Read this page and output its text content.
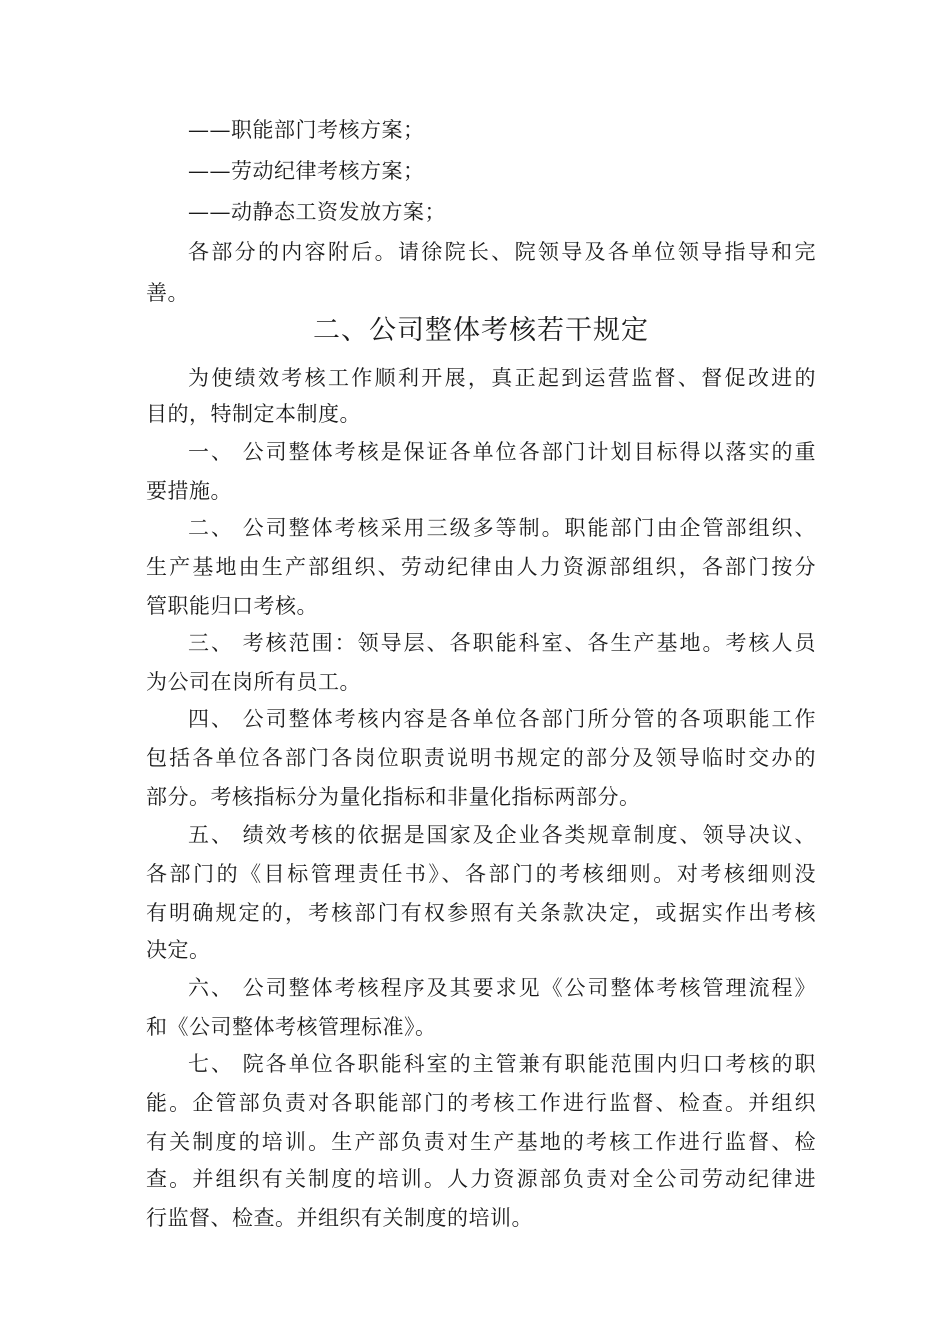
——职能部门考核方案；
——劳动纪律考核方案；
——动静态工资发放方案；
各部分的内容附后。请徐院长、院领导及各单位领导指导和完
善。
二、公司整体考核若干规定
为使绩效考核工作顺利开展，真正起到运营监督、督促改进的
目的，特制定本制度。
一、 公司整体考核是保证各单位各部门计划目标得以落实的重
要措施。
二、 公司整体考核采用三级多等制。职能部门由企管部组织、
生产基地由生产部组织、劳动纪律由人力资源部组织，各部门按分
管职能归口考核。
三、 考核范围：领导层、各职能科室、各生产基地。考核人员
为公司在岗所有员工。
四、 公司整体考核内容是各单位各部门所分管的各项职能工作
包括各单位各部门各岗位职责说明书规定的部分及领导临时交办的
部分。考核指标分为量化指标和非量化指标两部分。
五、 绩效考核的依据是国家及企业各类规章制度、领导决议、
各部门的《目标管理责任书》、各部门的考核细则。对考核细则没
有明确规定的，考核部门有权参照有关条款决定，或据实作出考核
决定。
六、 公司整体考核程序及其要求见《公司整体考核管理流程》
和《公司整体考核管理标准》。
七、 院各单位各职能科室的主管兼有职能范围内归口考核的职
能。企管部负责对各职能部门的考核工作进行监督、检查。并组织
有关制度的培训。生产部负责对生产基地的考核工作进行监督、检
查。并组织有关制度的培训。人力资源部负责对全公司劳动纪律进
行监督、检查。并组织有关制度的培训。
